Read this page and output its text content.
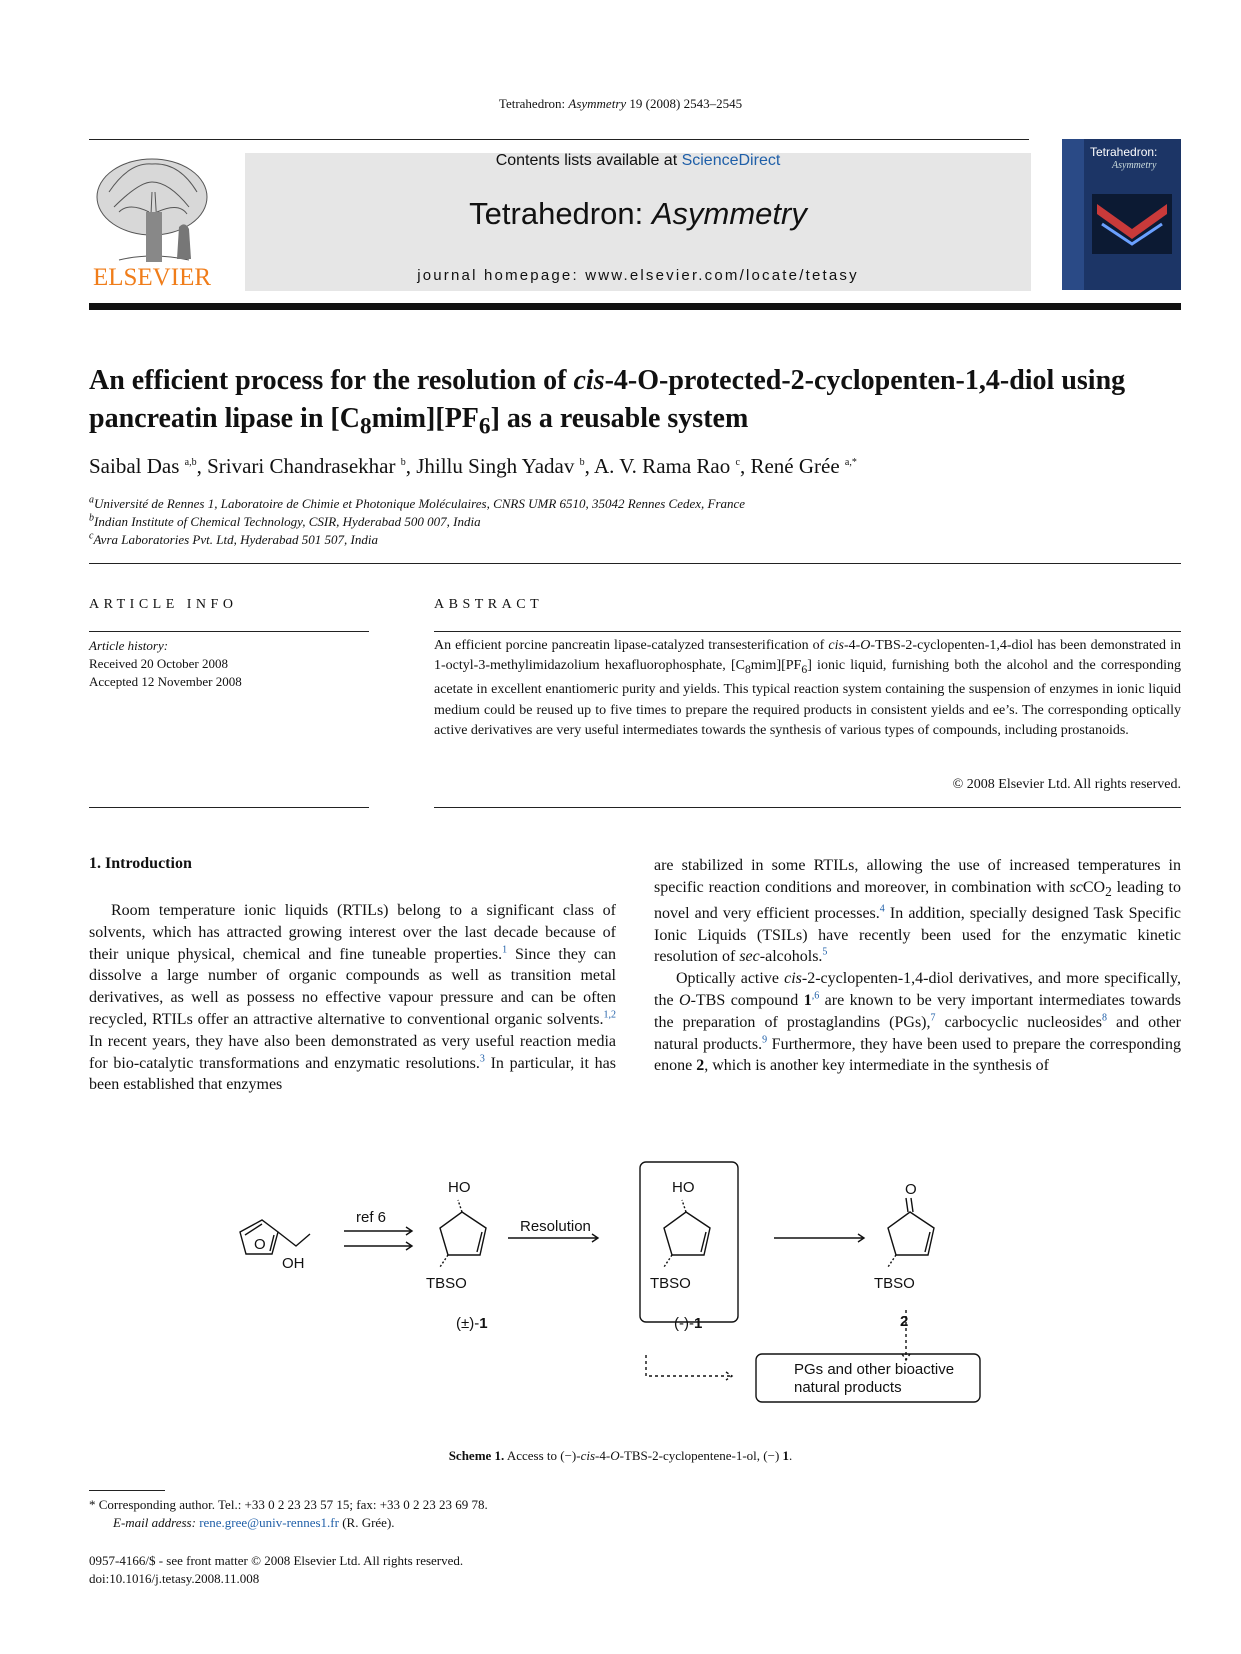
Tetrahedron: Asymmetry 19 (2008) 2543–2545
ELSEVIER
Contents lists available at ScienceDirect
Tetrahedron: Asymmetry
journal homepage: www.elsevier.com/locate/tetasy
Tetrahedron:
Asymmetry
An efficient process for the resolution of cis-4-O-protected-2-cyclopenten-1,4-diol using pancreatin lipase in $[C_8mim][PF_6]$ as a reusable system
Saibal Das $^{a,b}$, Srivari Chandrasekhar $^b$, Jhillu Singh Yadav $^b$, A. V. Rama Rao $^c$, René Grée $^{a,*}$
$^a$Université de Rennes 1, Laboratoire de Chimie et Photonique Moléculaires, CNRS UMR 6510, 35042 Rennes Cedex, France
$^b$Indian Institute of Chemical Technology, CSIR, Hyderabad 500 007, India
$^c$Avra Laboratories Pvt. Ltd, Hyderabad 501 507, India
ARTICLE INFO
Article history:
Received 20 October 2008
Accepted 12 November 2008
ABSTRACT
An efficient porcine pancreatin lipase-catalyzed transesterification of cis-4-O-TBS-2-cyclopenten-1,4-diol has been demonstrated in 1-octyl-3-methylimidazolium hexafluorophosphate, $[C_8mim][PF_6]$ ionic liquid, furnishing both the alcohol and the corresponding acetate in excellent enantiomeric purity and yields. This typical reaction system containing the suspension of enzymes in ionic liquid medium could be reused up to five times to prepare the required products in consistent yields and ee’s. The corresponding optically active derivatives are very useful intermediates towards the synthesis of various types of compounds, including prostanoids.
© 2008 Elsevier Ltd. All rights reserved.
1. Introduction

Room temperature ionic liquids (RTILs) belong to a significant class of solvents, which has attracted growing interest over the last decade because of their unique physical, chemical and fine tuneable properties.$^1$ Since they can dissolve a large number of organic compounds as well as transition metal derivatives, as well as possess no effective vapour pressure and can be often recycled, RTILs offer an attractive alternative to conventional organic solvents.$^{1,2}$ In recent years, they have also been demonstrated as very useful reaction media for bio-catalytic transformations and enzymatic resolutions.$^3$ In particular, it has been established that enzymes

are stabilized in some RTILs, allowing the use of increased temperatures in specific reaction conditions and moreover, in combination with scCO$_2$ leading to novel and very efficient processes.$^4$ In addition, specially designed Task Specific Ionic Liquids (TSILs) have recently been used for the enzymatic kinetic resolution of sec-alcohols.$^5$

Optically active cis-2-cyclopenten-1,4-diol derivatives, and more specifically, the O-TBS compound 1$^{,6}$ are known to be very important intermediates towards the preparation of prostaglandins (PGs),$^7$ carbocyclic nucleosides$^8$ and other natural products.$^9$ Furthermore, they have been used to prepare the corresponding enone 2, which is another key intermediate in the synthesis of

O
OH
ref 6
HO
TBSO
Resolution
HO
TBSO
O
TBSO
(±)-1	(-)-1	2
PGs and other bioactive
natural products
Scheme 1. Access to (−)-cis-4-O-TBS-2-cyclopentene-1-ol, (−) 1.
* Corresponding author. Tel.: +33 0 2 23 23 57 15; fax: +33 0 2 23 23 69 78.
E-mail address: rene.gree@univ-rennes1.fr (R. Grée).
0957-4166/$ - see front matter © 2008 Elsevier Ltd. All rights reserved.
doi:10.1016/j.tetasy.2008.11.008
